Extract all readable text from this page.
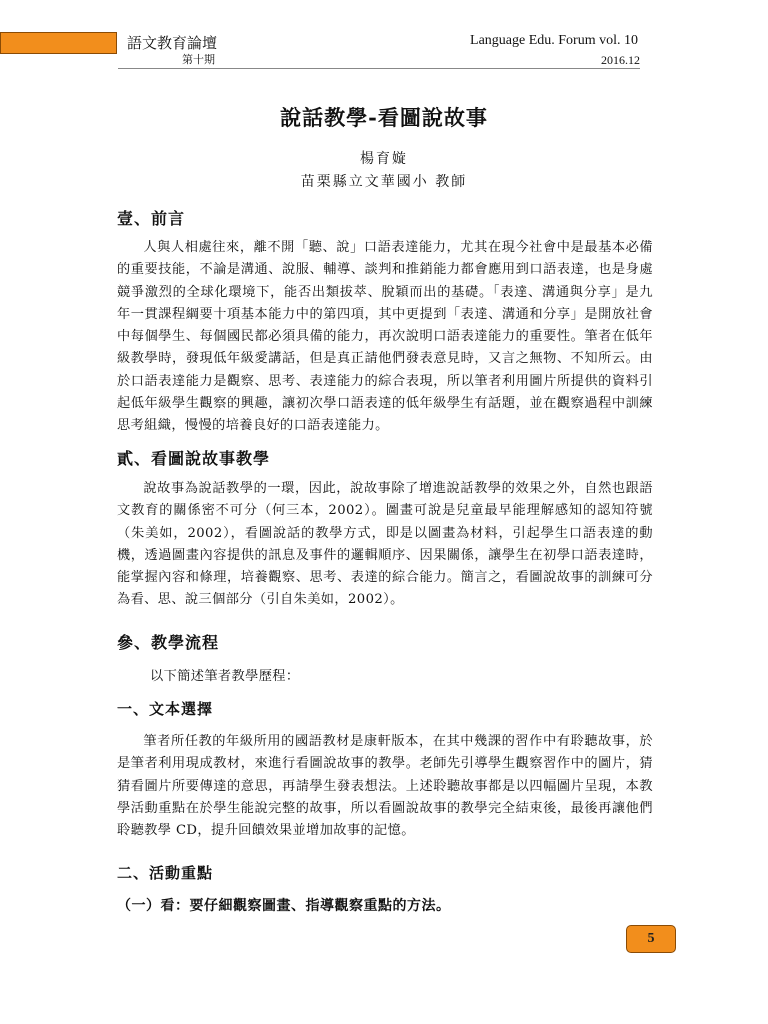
語文教育論壇
第十期
Language Edu. Forum vol. 10
2016.12
說話教學-看圖說故事
楊育嫙
苗栗縣立文華國小 教師
壹、前言

人與人相處往來，離不開「聽、說」口語表達能力，尤其在現今社會中是最基本必備的重要技能，不論是溝通、說服、輔導、談判和推銷能力都會應用到口語表達，也是身處競爭激烈的全球化環境下，能否出類拔萃、脫穎而出的基礎。「表達、溝通與分享」是九年一貫課程綱要十項基本能力中的第四項，其中更提到「表達、溝通和分享」是開放社會中每個學生、每個國民都必須具備的能力，再次說明口語表達能力的重要性。筆者在低年級教學時，發現低年級愛講話，但是真正請他們發表意見時，又言之無物、不知所云。由於口語表達能力是觀察、思考、表達能力的綜合表現，所以筆者利用圖片所提供的資料引起低年級學生觀察的興趣，讓初次學口語表達的低年級學生有話題，並在觀察過程中訓練思考組織，慢慢的培養良好的口語表達能力。

貳、看圖說故事教學

說故事為說話教學的一環，因此，說故事除了增進說話教學的效果之外，自然也跟語文教育的關係密不可分（何三本，2002）。圖畫可說是兒童最早能理解感知的認知符號（朱美如，2002），看圖說話的教學方式，即是以圖畫為材料，引起學生口語表達的動機，透過圖畫內容提供的訊息及事件的邏輯順序、因果關係，讓學生在初學口語表達時，能掌握內容和條理，培養觀察、思考、表達的綜合能力。簡言之，看圖說故事的訓練可分為看、思、說三個部分（引自朱美如，2002）。

參、教學流程
以下簡述筆者教學歷程：
一、文本選擇

筆者所任教的年級所用的國語教材是康軒版本，在其中幾課的習作中有聆聽故事，於是筆者利用現成教材，來進行看圖說故事的教學。老師先引導學生觀察習作中的圖片，猜猜看圖片所要傳達的意思，再請學生發表想法。上述聆聽故事都是以四幅圖片呈現，本教學活動重點在於學生能說完整的故事，所以看圖說故事的教學完全結束後，最後再讓他們聆聽教學 CD，提升回饋效果並增加故事的記憶。

二、活動重點
（一）看：要仔細觀察圖畫、指導觀察重點的方法。
5
